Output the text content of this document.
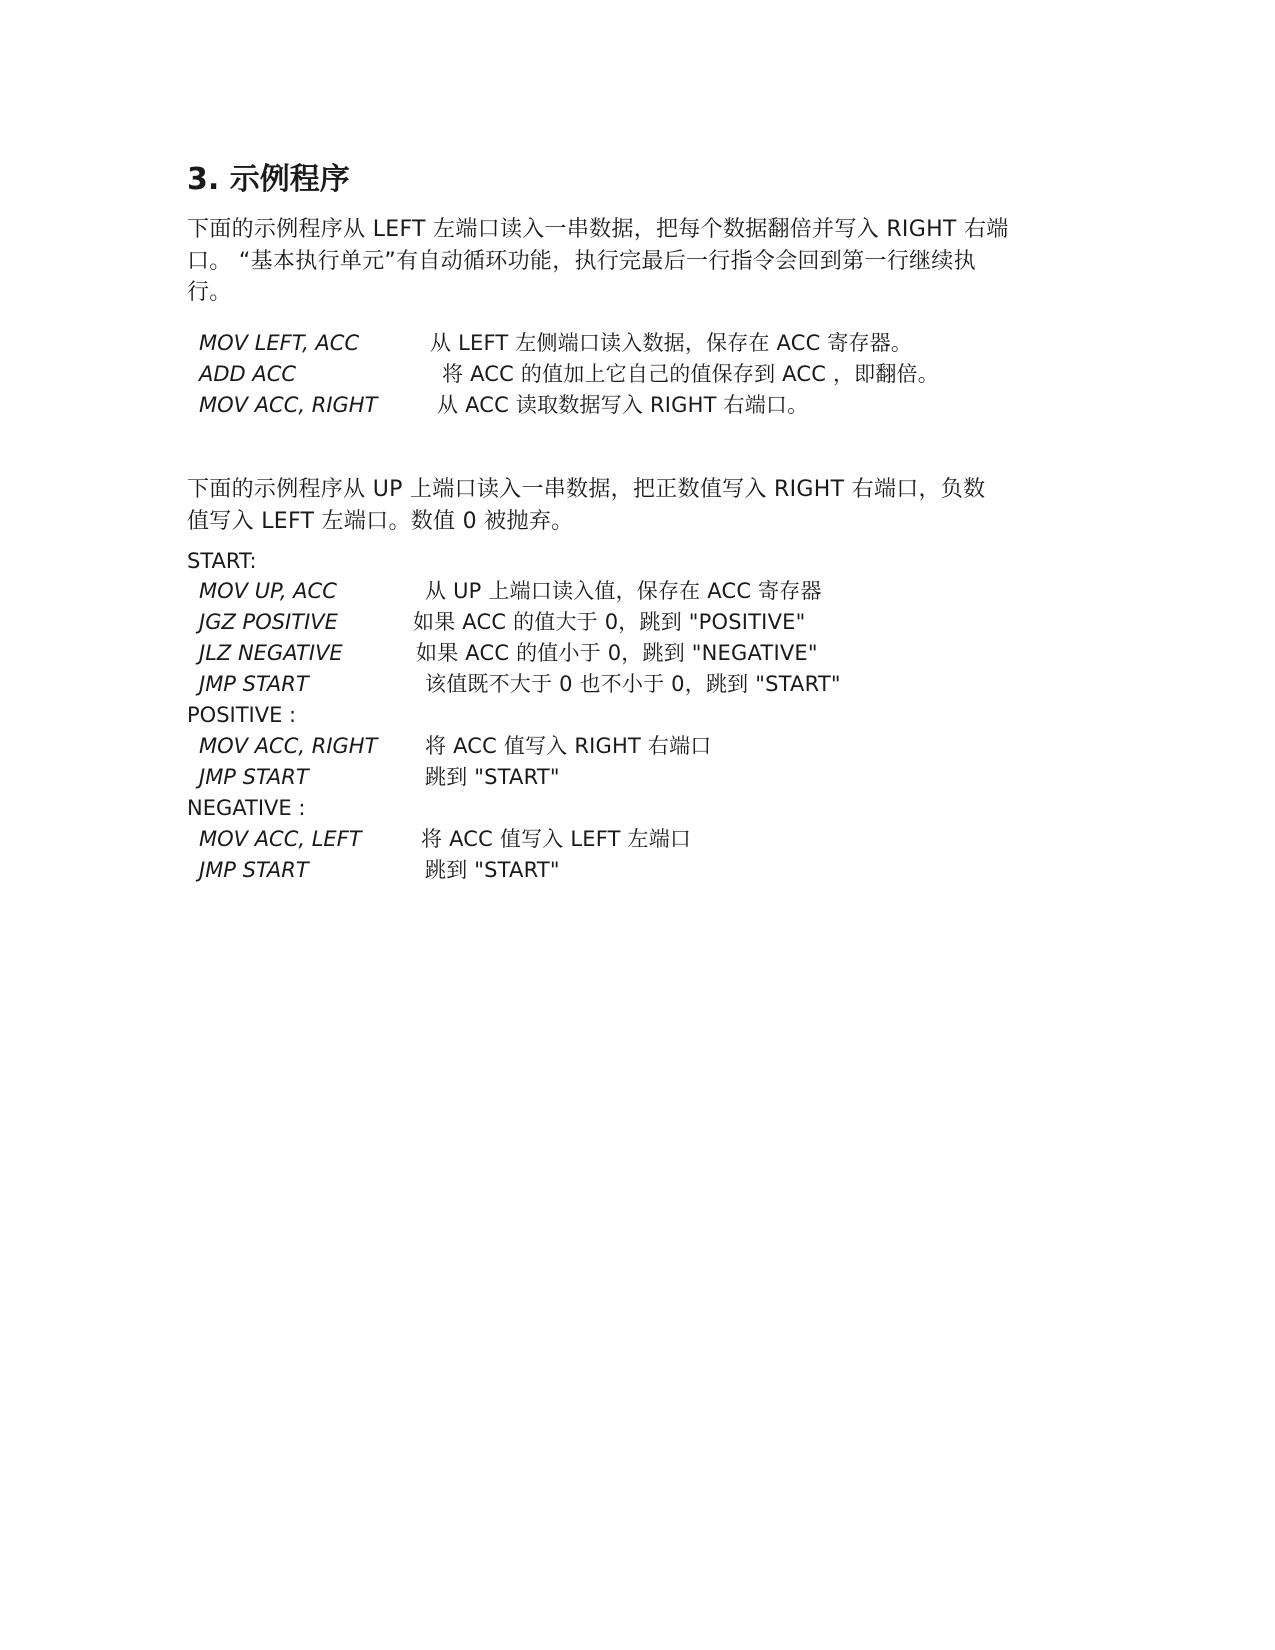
3. 示例程序
下面的示例程序从 LEFT 左端口读入一串数据，把每个数据翻倍并写入 RIGHT 右端
口。 “基本执行单元”有自动循环功能，执行完最后一行指令会回到第一行继续执
行。
MOV LEFT, ACC	从 LEFT 左侧端口读入数据，保存在 ACC 寄存器。
ADD ACC	将 ACC 的值加上它自己的值保存到 ACC ，即翻倍。
MOV ACC, RIGHT	从 ACC 读取数据写入 RIGHT 右端口。
下面的示例程序从 UP 上端口读入一串数据，把正数值写入 RIGHT 右端口，负数
值写入 LEFT 左端口。数值 0 被抛弃。
START:
MOV UP, ACC	从 UP 上端口读入值，保存在 ACC 寄存器
JGZ POSITIVE	如果 ACC 的值大于 0，跳到 "POSITIVE"
JLZ NEGATIVE	如果 ACC 的值小于 0，跳到 "NEGATIVE"
JMP START	该值既不大于 0 也不小于 0，跳到 "START"
POSITIVE :
MOV ACC, RIGHT 将 ACC 值写入 RIGHT 右端口
JMP START	跳到 "START"
NEGATIVE :
MOV ACC, LEFT	将 ACC 值写入 LEFT 左端口
JMP START	跳到 "START"
